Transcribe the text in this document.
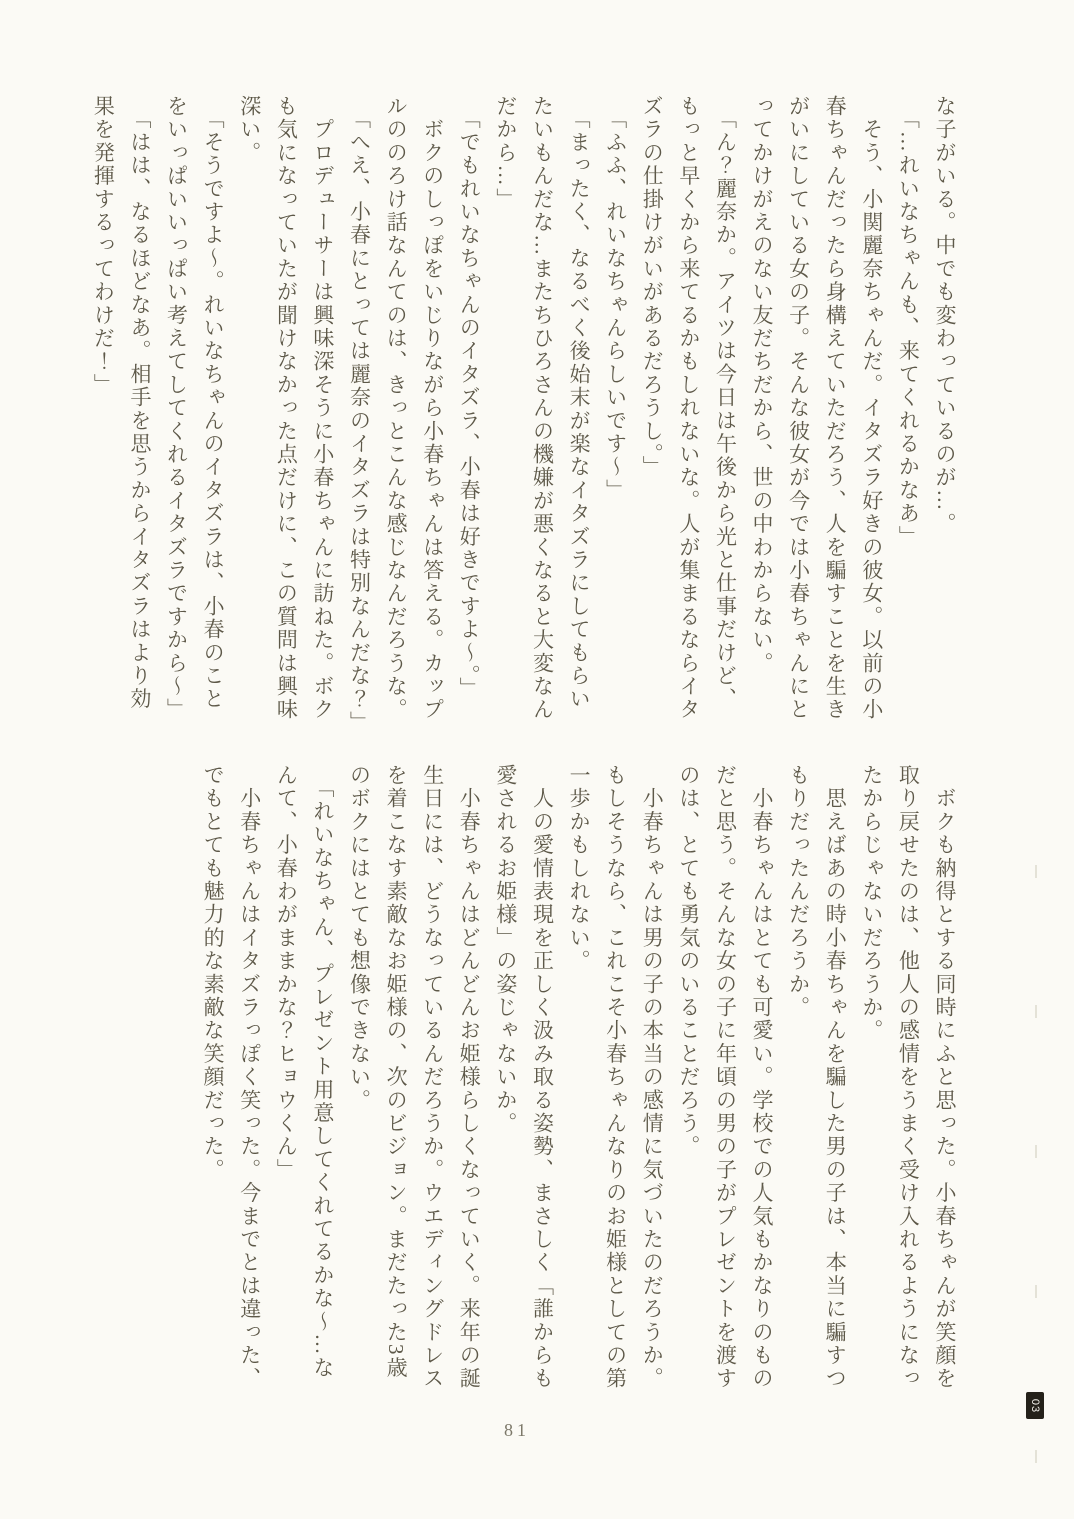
な子がいる。中でも変わっているのが…。
　「…れいなちゃんも、来てくれるかなあ」
　そう、小関麗奈ちゃんだ。イタズラ好きの彼女。以前の小
春ちゃんだったら身構えていただろう、人を騙すことを生き
がいにしている女の子。そんな彼女が今では小春ちゃんにと
ってかけがえのない友だちだから、世の中わからない。
　「ん？麗奈か。アイツは今日は午後から光と仕事だけど、
もっと早くから来てるかもしれないな。人が集まるならイタ
ズラの仕掛けがいがあるだろうし。」
　「ふふ、れいなちゃんらしいです～」
　「まったく、なるべく後始末が楽なイタズラにしてもらい
たいもんだな…またちひろさんの機嫌が悪くなると大変なん
だから…」
　「でもれいなちゃんのイタズラ、小春は好きですよ～。」
　ボクのしっぽをいじりながら小春ちゃんは答える。カップ
ルののろけ話なんてのは、きっとこんな感じなんだろうな。
　「へえ、小春にとっては麗奈のイタズラは特別なんだな？」
　プロデューサーは興味深そうに小春ちゃんに訪ねた。ボク
も気になっていたが聞けなかった点だけに、この質問は興味
深い。
　「そうですよ～。れいなちゃんのイタズラは、小春のこと
をいっぱいいっぱい考えてしてくれるイタズラですから～」
　「はは、なるほどなあ。相手を思うからイタズラはより効
果を発揮するってわけだ！」
　ボクも納得とする同時にふと思った。小春ちゃんが笑顔を
取り戻せたのは、他人の感情をうまく受け入れるようになっ
たからじゃないだろうか。
　思えばあの時小春ちゃんを騙した男の子は、本当に騙すつ
もりだったんだろうか。
　小春ちゃんはとても可愛い。学校での人気もかなりのもの
だと思う。そんな女の子に年頃の男の子がプレゼントを渡す
のは、とても勇気のいることだろう。
　小春ちゃんは男の子の本当の感情に気づいたのだろうか。
もしそうなら、これこそ小春ちゃんなりのお姫様としての第
一歩かもしれない。
　人の愛情表現を正しく汲み取る姿勢、まさしく「誰からも
愛されるお姫様」の姿じゃないか。
　小春ちゃんはどんどんお姫様らしくなっていく。来年の誕
生日には、どうなっているんだろうか。ウエディングドレス
を着こなす素敵なお姫様の、次のビジョン。まだたった3歳
のボクにはとても想像できない。
　「れいなちゃん、プレゼント用意してくれてるかな～…な
んて、小春わがままかな？ヒョウくん」
　小春ちゃんはイタズラっぽく笑った。今までとは違った、
でもとても魅力的な素敵な笑顔だった。
81
03
